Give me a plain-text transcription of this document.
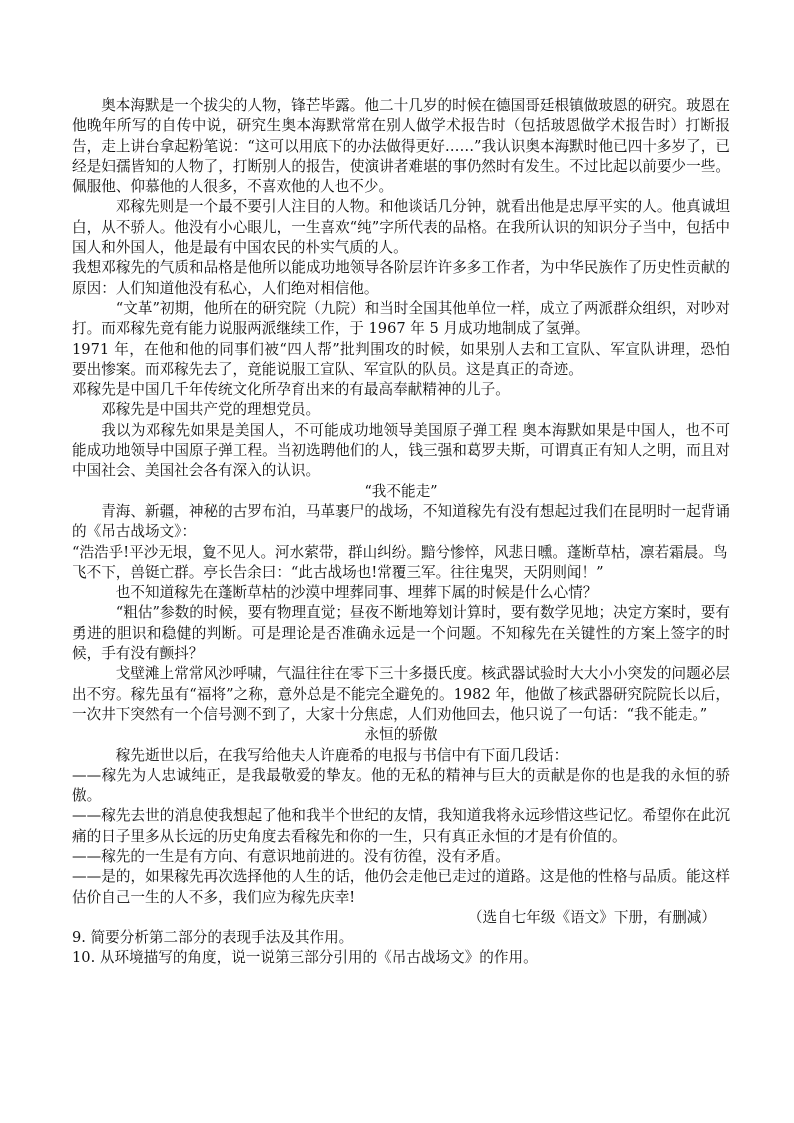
奥本海默是一个拔尖的人物，锋芒毕露。他二十几岁的时候在德国哥廷根镇做玻恩的研究。玻恩在他晚年所写的自传中说，研究生奥本海默常常在别人做学术报告时（包括玻恩做学术报告时）打断报告，走上讲台拿起粉笔说：“这可以用底下的办法做得更好……”我认识奥本海默时他已四十多岁了，已经是妇孺皆知的人物了，打断别人的报告，使演讲者难堪的事仍然时有发生。不过比起以前要少一些。佩服他、仰慕他的人很多，不喜欢他的人也不少。

邓稼先则是一个最不要引人注目的人物。和他谈话几分钟，就看出他是忠厚平实的人。他真诚坦白，从不骄人。他没有小心眼儿，一生喜欢“纯”字所代表的品格。在我所认识的知识分子当中，包括中国人和外国人，他是最有中国农民的朴实气质的人。

我想邓稼先的气质和品格是他所以能成功地领导各阶层许许多多工作者，为中华民族作了历史性贡献的原因：人们知道他没有私心，人们绝对相信他。

“文革”初期，他所在的研究院（九院）和当时全国其他单位一样，成立了两派群众组织，对吵对打。而邓稼先竟有能力说服两派继续工作，于 1967 年 5 月成功地制成了氢弹。

1971 年，在他和他的同事们被“四人帮”批判围攻的时候，如果别人去和工宣队、军宣队讲理，恐怕 要出惨案。而邓稼先去了，竟能说服工宣队、军宣队的队员。这是真正的奇迹。

邓稼先是中国几千年传统文化所孕育出来的有最高奉献精神的儿子。

邓稼先是中国共产党的理想党员。

我以为邓稼先如果是美国人，不可能成功地领导美国原子弹工程 奥本海默如果是中国人，也不可能成功地领导中国原子弹工程。当初选聘他们的人，钱三强和葛罗夫斯，可谓真正有知人之明，而且对中国社会、美国社会各有深入的认识。

“我不能走”

青海、新疆，神秘的古罗布泊，马革裹尸的战场，不知道稼先有没有想起过我们在昆明时一起背诵的《吊古战场文》：

“浩浩乎!平沙无垠，夐不见人。河水萦带，群山纠纷。黯兮惨悴，风悲日曛。蓬断草枯，凛若霜晨。鸟飞不下，兽铤亡群。亭长告余曰：“此古战场也!常覆三军。往往鬼哭，天阴则闻！”

也不知道稼先在蓬断草枯的沙漠中埋葬同事、埋葬下属的时候是什么心情？

“粗估”参数的时候，要有物理直觉；昼夜不断地筹划计算时，要有数学见地；决定方案时，要有勇进的胆识和稳健的判断。可是理论是否准确永远是一个问题。不知稼先在关键性的方案上签字的时候，手有没有颤抖？

戈壁滩上常常风沙呼啸，气温往往在零下三十多摄氏度。核武器试验时大大小小突发的问题必层出不穷。稼先虽有“福将”之称，意外总是不能完全避免的。1982 年，他做了核武器研究院院长以后，一次井下突然有一个信号测不到了，大家十分焦虑，人们劝他回去，他只说了一句话：“我不能走。”

永恒的骄傲

稼先逝世以后，在我写给他夫人许鹿希的电报与书信中有下面几段话：

——稼先为人忠诚纯正，是我最敬爱的挚友。他的无私的精神与巨大的贡献是你的也是我的永恒的骄傲。

——稼先去世的消息使我想起了他和我半个世纪的友情，我知道我将永远珍惜这些记忆。希望你在此沉痛的日子里多从长远的历史角度去看稼先和你的一生，只有真正永恒的才是有价值的。

——稼先的一生是有方向、有意识地前进的。没有彷徨，没有矛盾。

——是的，如果稼先再次选择他的人生的话，他仍会走他已走过的道路。这是他的性格与品质。能这样估价自己一生的人不多，我们应为稼先庆幸!

（选自七年级《语文》下册，有删减）

9. 简要分析第二部分的表现手法及其作用。

10. 从环境描写的角度，说一说第三部分引用的《吊古战场文》的作用。
